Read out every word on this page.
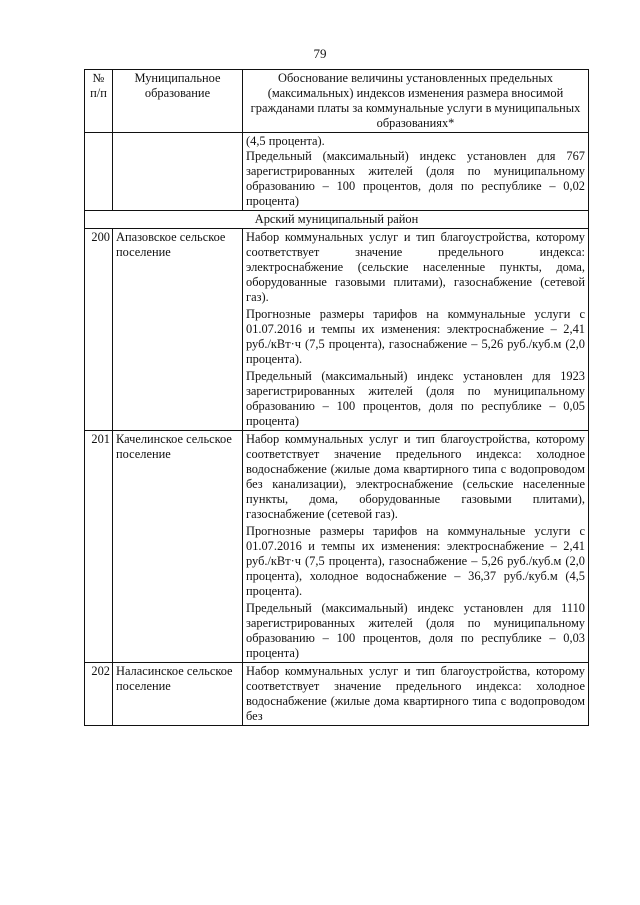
79
№ п/п	Муниципальное образование	Обоснование величины установленных предельных (максимальных) индексов изменения размера вносимой гражданами платы за коммунальные услуги в муниципальных образованиях*

		(4,5 процента).
Предельный (максимальный) индекс установлен для 767 зарегистрированных жителей (доля по муниципальному образованию – 100 процентов, доля по республике – 0,02 процента)

Арский муниципальный район		
200	Апазовское сельское поселение	Набор коммунальных услуг и тип благоустройства, которому соответствует значение предельного индекса: электроснабжение (сельские населенные пункты, дома, оборудованные газовыми плитами), газоснабжение (сетевой газ).
Прогнозные размеры тарифов на коммунальные услуги с 01.07.2016 и темпы их изменения: электроснабжение – 2,41 руб./кВт·ч (7,5 процента), газоснабжение – 5,26 руб./куб.м (2,0 процента).
Предельный (максимальный) индекс установлен для 1923 зарегистрированных жителей (доля по муниципальному образованию – 100 процентов, доля по республике – 0,05 процента)

201	Качелинское сельское поселение	Набор коммунальных услуг и тип благоустройства, которому соответствует значение предельного индекса: холодное водоснабжение (жилые дома квартирного типа с водопроводом без канализации), электроснабжение (сельские населенные пункты, дома, оборудованные газовыми плитами), газоснабжение (сетевой газ).
Прогнозные размеры тарифов на коммунальные услуги с 01.07.2016 и темпы их изменения: электроснабжение – 2,41 руб./кВт·ч (7,5 процента), газоснабжение – 5,26 руб./куб.м (2,0 процента), холодное водоснабжение – 36,37 руб./куб.м (4,5 процента).
Предельный (максимальный) индекс установлен для 1110 зарегистрированных жителей (доля по муниципальному образованию – 100 процентов, доля по республике – 0,03 процента)

202	Наласинское сельское поселение	Набор коммунальных услуг и тип благоустройства, которому соответствует значение предельного индекса: холодное водоснабжение (жилые дома квартирного типа с водопроводом без
